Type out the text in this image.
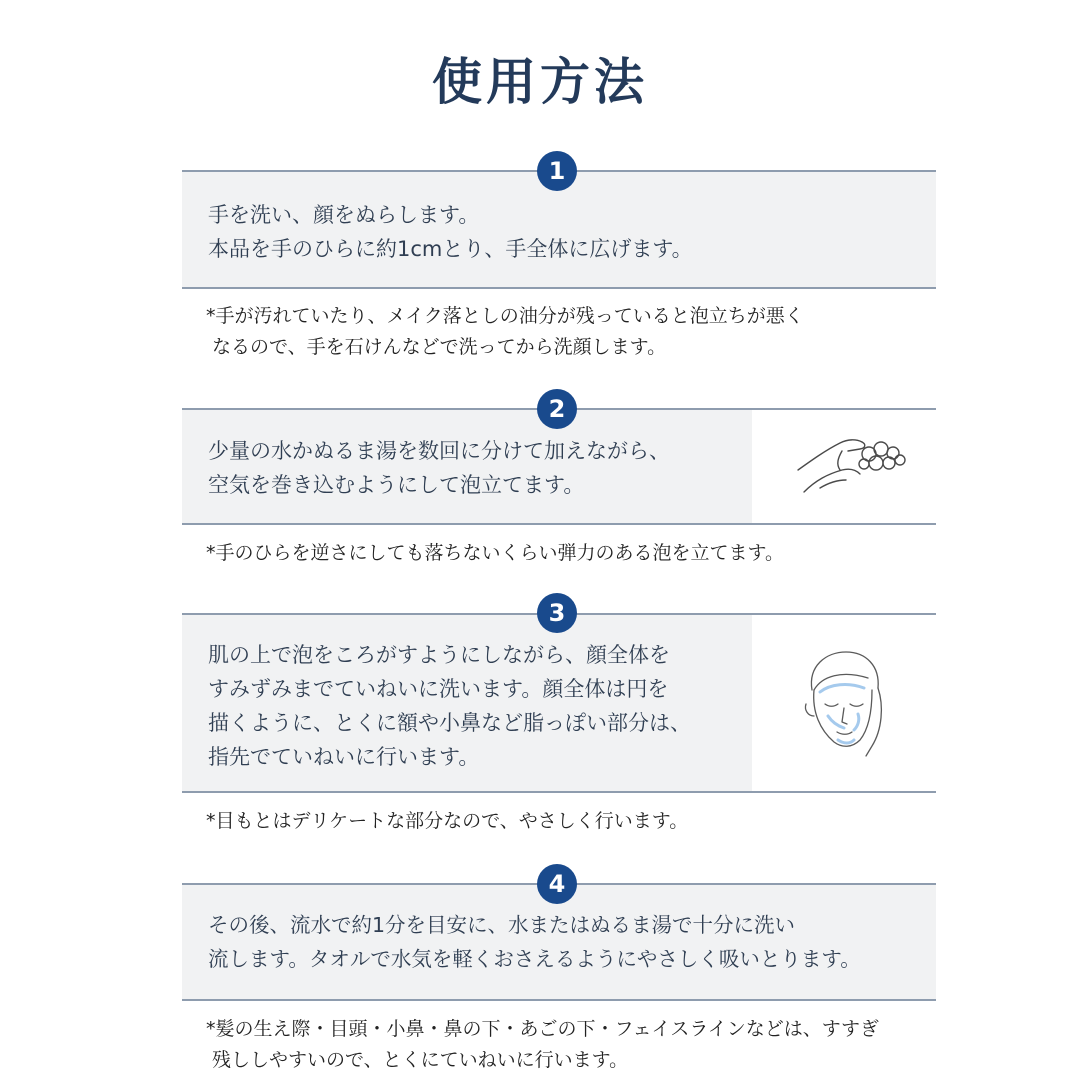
使用方法
1
手を洗い、顔をぬらします。
本品を手のひらに約1cmとり、手全体に広げます。
*手が汚れていたり、メイク落としの油分が残っていると泡立ちが悪く
なるので、手を石けんなどで洗ってから洗顔します。
2
少量の水かぬるま湯を数回に分けて加えながら、
空気を巻き込むようにして泡立てます。
*手のひらを逆さにしても落ちないくらい弾力のある泡を立てます。
3
肌の上で泡をころがすようにしながら、顔全体を
すみずみまでていねいに洗います。顔全体は円を
描くように、とくに額や小鼻など脂っぽい部分は、
指先でていねいに行います。
*目もとはデリケートな部分なので、やさしく行います。
4
その後、流水で約1分を目安に、水またはぬるま湯で十分に洗い
流します。タオルで水気を軽くおさえるようにやさしく吸いとります。
*髪の生え際・目頭・小鼻・鼻の下・あごの下・フェイスラインなどは、すすぎ
残ししやすいので、とくにていねいに行います。
